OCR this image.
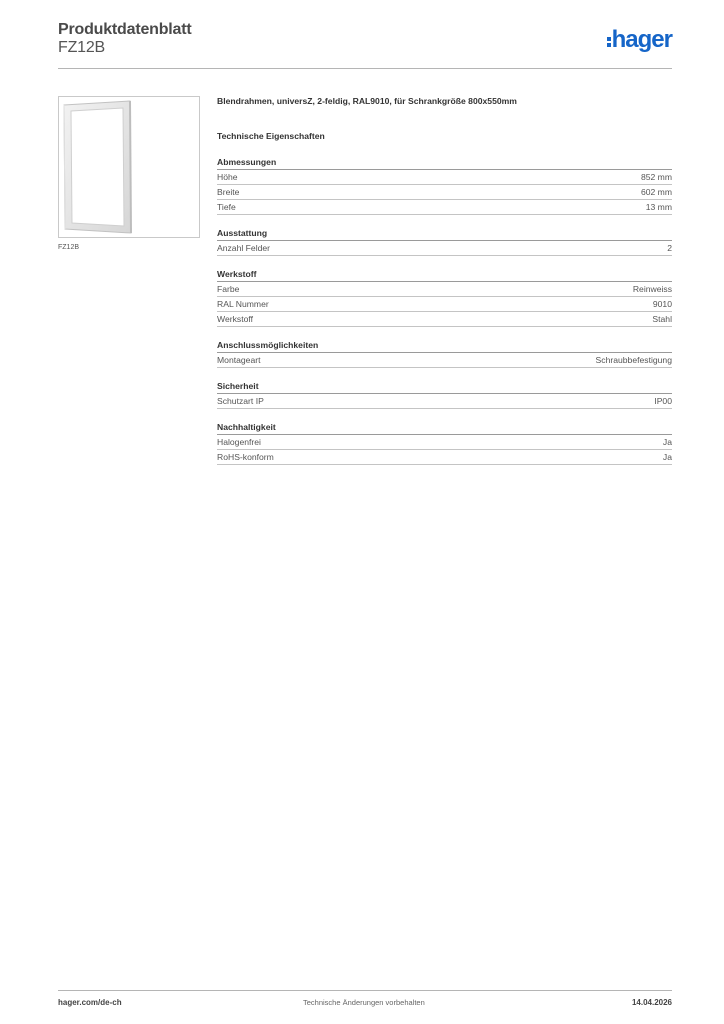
Produktdatenblatt
FZ12B	hager
FZ12B
Blendrahmen, universZ, 2-feldig, RAL9010, für Schrankgröße 800x550mm
Technische Eigenschaften
Abmessungen
Höhe	852 mm
Breite	602 mm
Tiefe	13 mm
Ausstattung
Anzahl Felder	2
Werkstoff
Farbe	Reinweiss
RAL Nummer	9010
Werkstoff	Stahl
Anschlussmöglichkeiten
Montageart	Schraubbefestigung
Sicherheit
Schutzart IP	IP00
Nachhaltigkeit
Halogenfrei	Ja
RoHS-konform	Ja
hager.com/de-ch	Technische Änderungen vorbehalten	14.04.2026
